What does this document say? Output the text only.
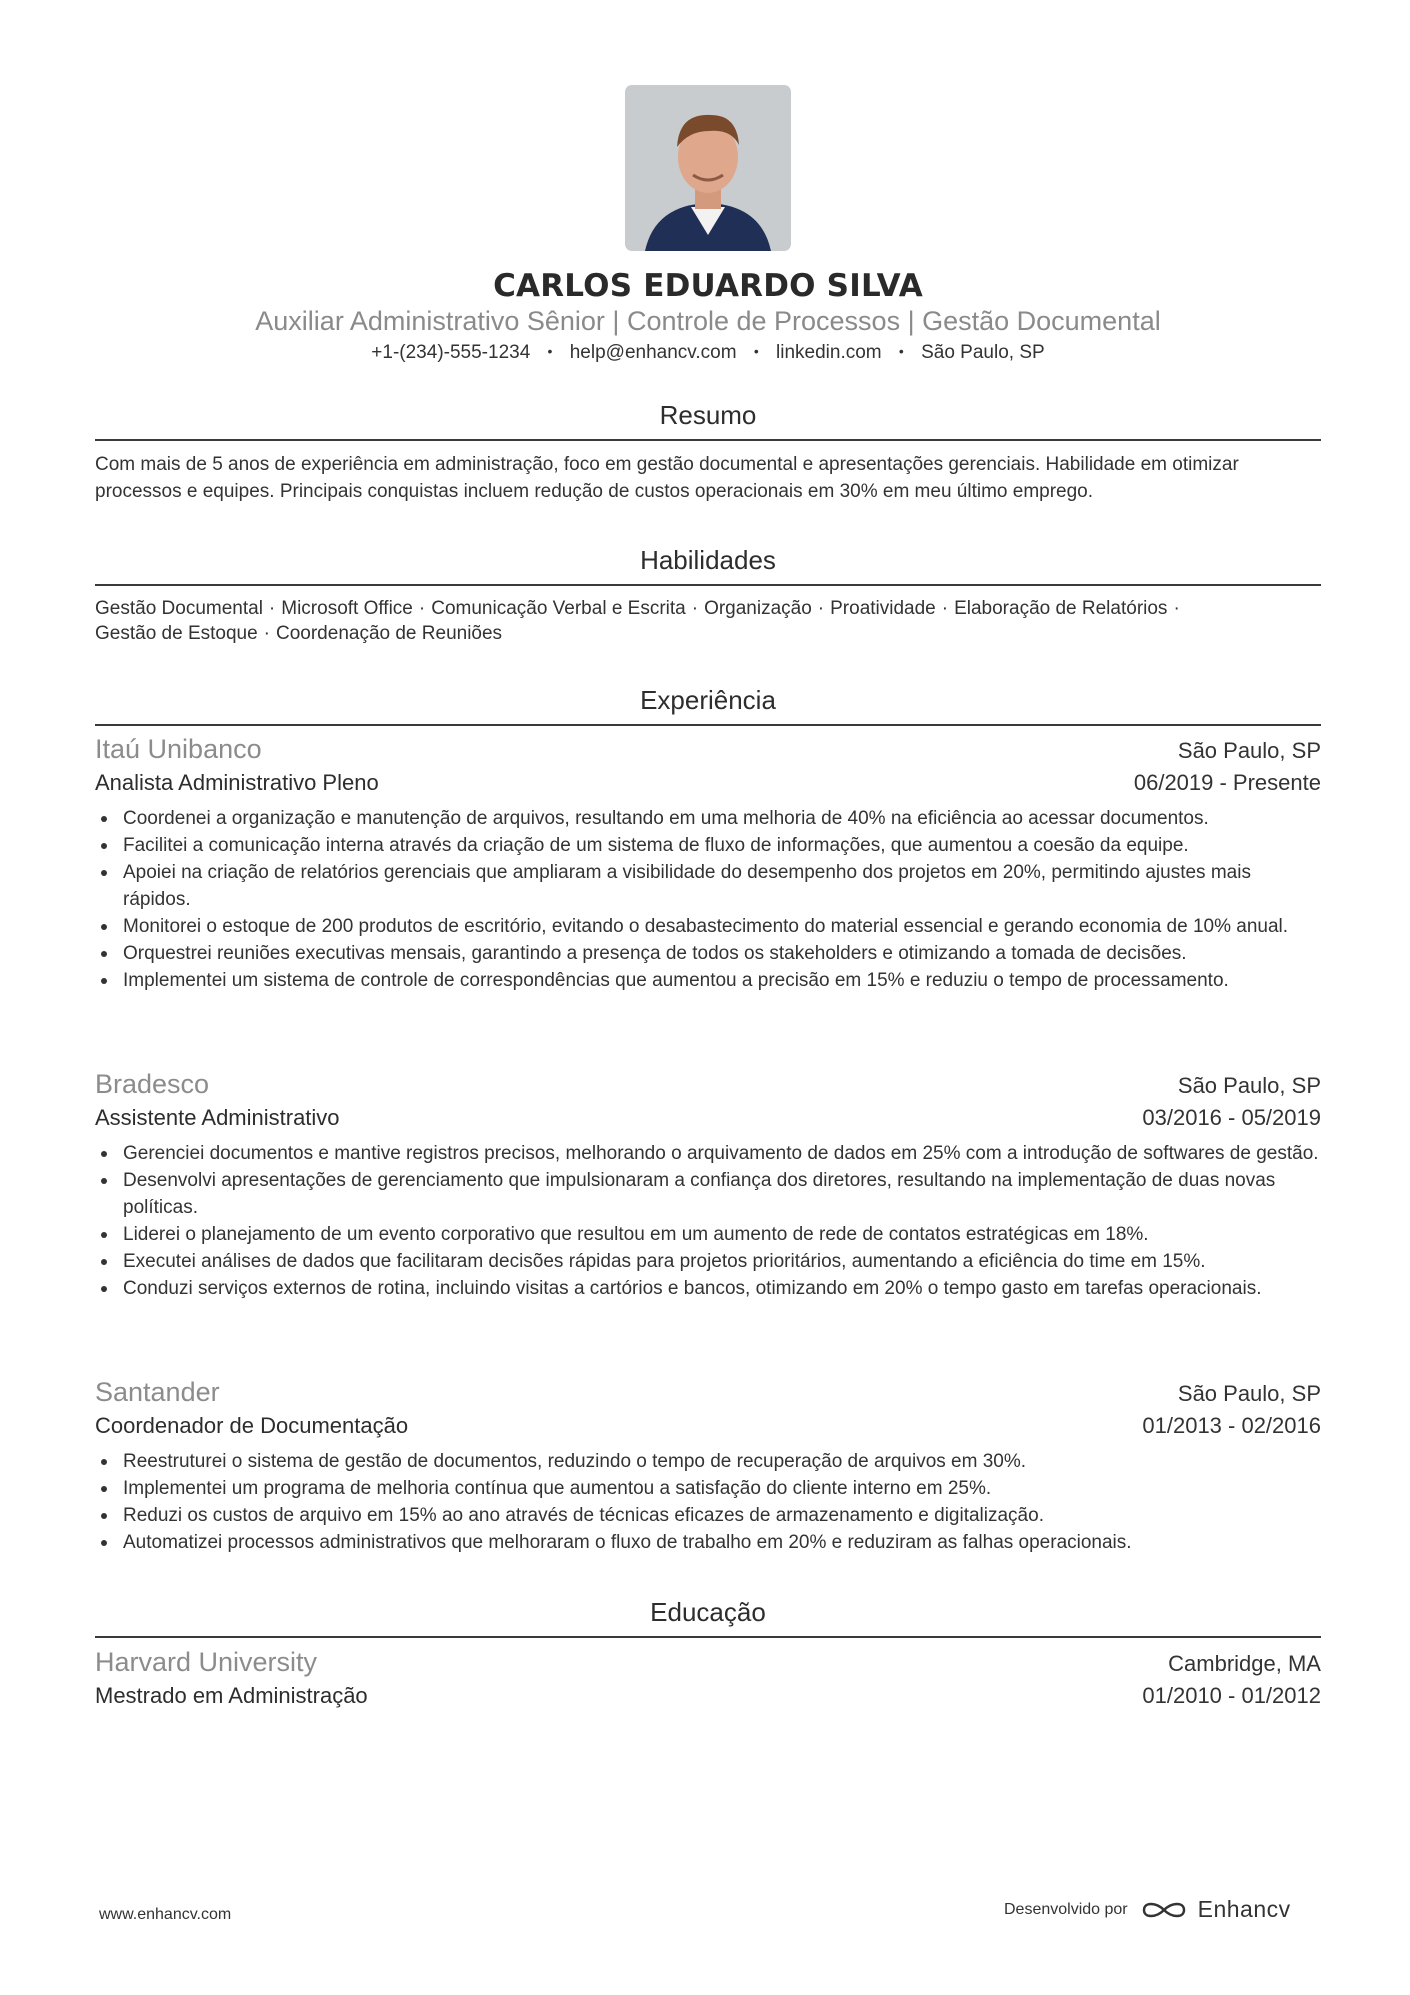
CARLOS EDUARDO SILVA
Auxiliar Administrativo Sênior | Controle de Processos | Gestão Documental
+1-(234)-555-1234 • help@enhancv.com • linkedin.com • São Paulo, SP
Resumo
Com mais de 5 anos de experiência em administração, foco em gestão documental e apresentações gerenciais. Habilidade em otimizar processos e equipes. Principais conquistas incluem redução de custos operacionais em 30% em meu último emprego.
Habilidades
Gestão Documental · Microsoft Office · Comunicação Verbal e Escrita · Organização · Proatividade · Elaboração de Relatórios ·
Gestão de Estoque · Coordenação de Reuniões
Experiência
Itaú Unibanco	São Paulo, SP
Analista Administrativo Pleno	06/2019 - Presente
Coordenei a organização e manutenção de arquivos, resultando em uma melhoria de 40% na eficiência ao acessar documentos.
Facilitei a comunicação interna através da criação de um sistema de fluxo de informações, que aumentou a coesão da equipe.
Apoiei na criação de relatórios gerenciais que ampliaram a visibilidade do desempenho dos projetos em 20%, permitindo ajustes mais rápidos.
Monitorei o estoque de 200 produtos de escritório, evitando o desabastecimento do material essencial e gerando economia de 10% anual.
Orquestrei reuniões executivas mensais, garantindo a presença de todos os stakeholders e otimizando a tomada de decisões.
Implementei um sistema de controle de correspondências que aumentou a precisão em 15% e reduziu o tempo de processamento.
Bradesco	São Paulo, SP
Assistente Administrativo	03/2016 - 05/2019
Gerenciei documentos e mantive registros precisos, melhorando o arquivamento de dados em 25% com a introdução de softwares de gestão.
Desenvolvi apresentações de gerenciamento que impulsionaram a confiança dos diretores, resultando na implementação de duas novas políticas.
Liderei o planejamento de um evento corporativo que resultou em um aumento de rede de contatos estratégicas em 18%.
Executei análises de dados que facilitaram decisões rápidas para projetos prioritários, aumentando a eficiência do time em 15%.
Conduzi serviços externos de rotina, incluindo visitas a cartórios e bancos, otimizando em 20% o tempo gasto em tarefas operacionais.
Santander	São Paulo, SP
Coordenador de Documentação	01/2013 - 02/2016
Reestruturei o sistema de gestão de documentos, reduzindo o tempo de recuperação de arquivos em 30%.
Implementei um programa de melhoria contínua que aumentou a satisfação do cliente interno em 25%.
Reduzi os custos de arquivo em 15% ao ano através de técnicas eficazes de armazenamento e digitalização.
Automatizei processos administrativos que melhoraram o fluxo de trabalho em 20% e reduziram as falhas operacionais.
Educação
Harvard University	Cambridge, MA
Mestrado em Administração	01/2010 - 01/2012
www.enhancv.com	Desenvolvido por	Enhancv
